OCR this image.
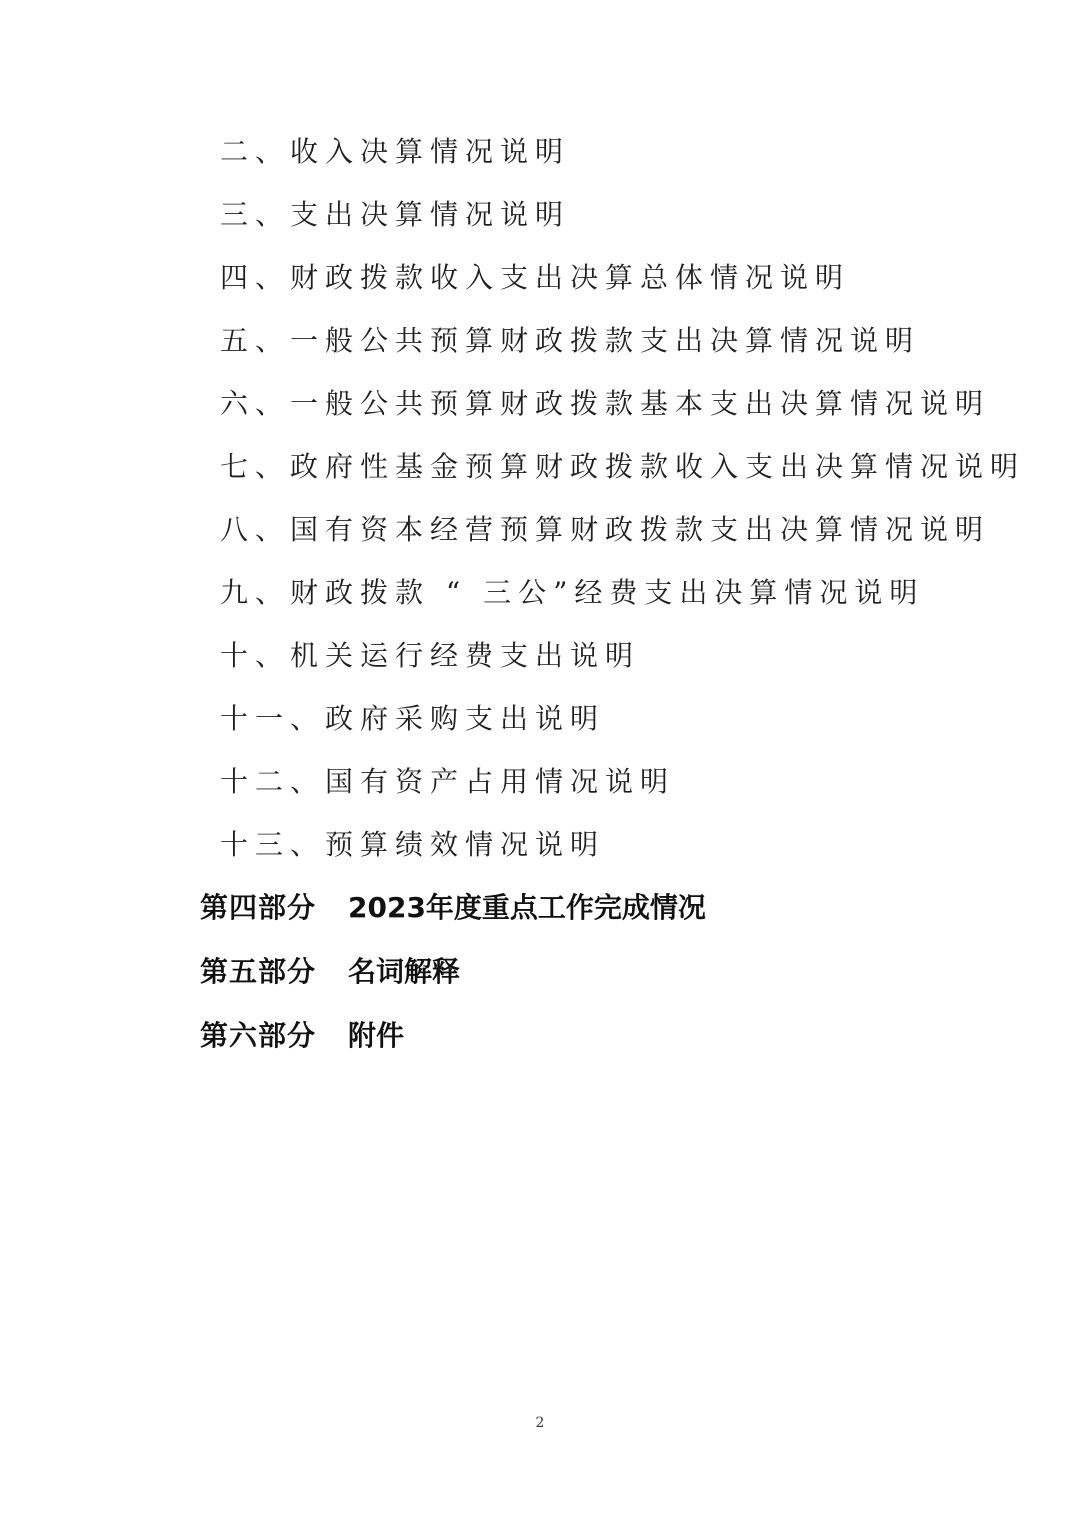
二、收入决算情况说明
三、支出决算情况说明
四、财政拨款收入支出决算总体情况说明
五、一般公共预算财政拨款支出决算情况说明
六、一般公共预算财政拨款基本支出决算情况说明
七、政府性基金预算财政拨款收入支出决算情况说明
八、国有资本经营预算财政拨款支出决算情况说明
九、财政拨款 “ 三公”经费支出决算情况说明
十、机关运行经费支出说明
十一、政府采购支出说明
十二、国有资产占用情况说明
十三、预算绩效情况说明
第四部分 2023年度重点工作完成情况
第五部分 名词解释
第六部分 附件
2
